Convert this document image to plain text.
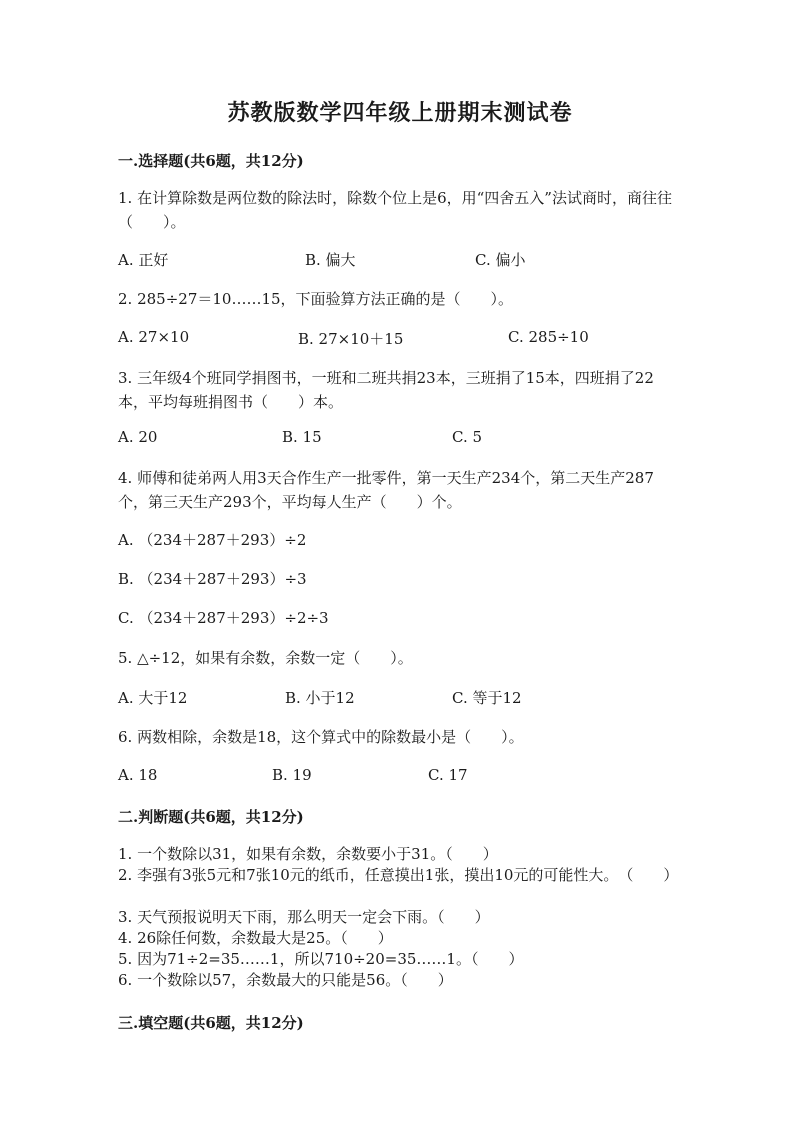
苏教版数学四年级上册期末测试卷
一.选择题(共6题，共12分)
1. 在计算除数是两位数的除法时，除数个位上是6，用“四舍五入”法试商时，商往往（　　）。
A. 正好	B. 偏大	C. 偏小
2. 285÷27＝10……15，下面验算方法正确的是（　　）。
A. 27×10	B. 27×10＋15	C. 285÷10
3. 三年级4个班同学捐图书，一班和二班共捐23本，三班捐了15本，四班捐了22本，平均每班捐图书（　　）本。
A. 20	B. 15	C. 5
4. 师傅和徒弟两人用3天合作生产一批零件，第一天生产234个，第二天生产287个，第三天生产293个，平均每人生产（　　）个。
A. （234＋287＋293）÷2
B. （234＋287＋293）÷3
C. （234＋287＋293）÷2÷3
5. △÷12，如果有余数，余数一定（　　）。
A. 大于12	B. 小于12	C. 等于12
6. 两数相除，余数是18，这个算式中的除数最小是（　　）。
A. 18	B. 19	C. 17
二.判断题(共6题，共12分)
1. 一个数除以31，如果有余数，余数要小于31。（　　）
2. 李强有3张5元和7张10元的纸币，任意摸出1张，摸出10元的可能性大。　（　　）
3. 天气预报说明天下雨，那么明天一定会下雨。（　　）
4. 26除任何数，余数最大是25。（　　）
5. 因为71÷2=35……1，所以710÷20=35……1。（　　）
6. 一个数除以57，余数最大的只能是56。（　　）
三.填空题(共6题，共12分)
